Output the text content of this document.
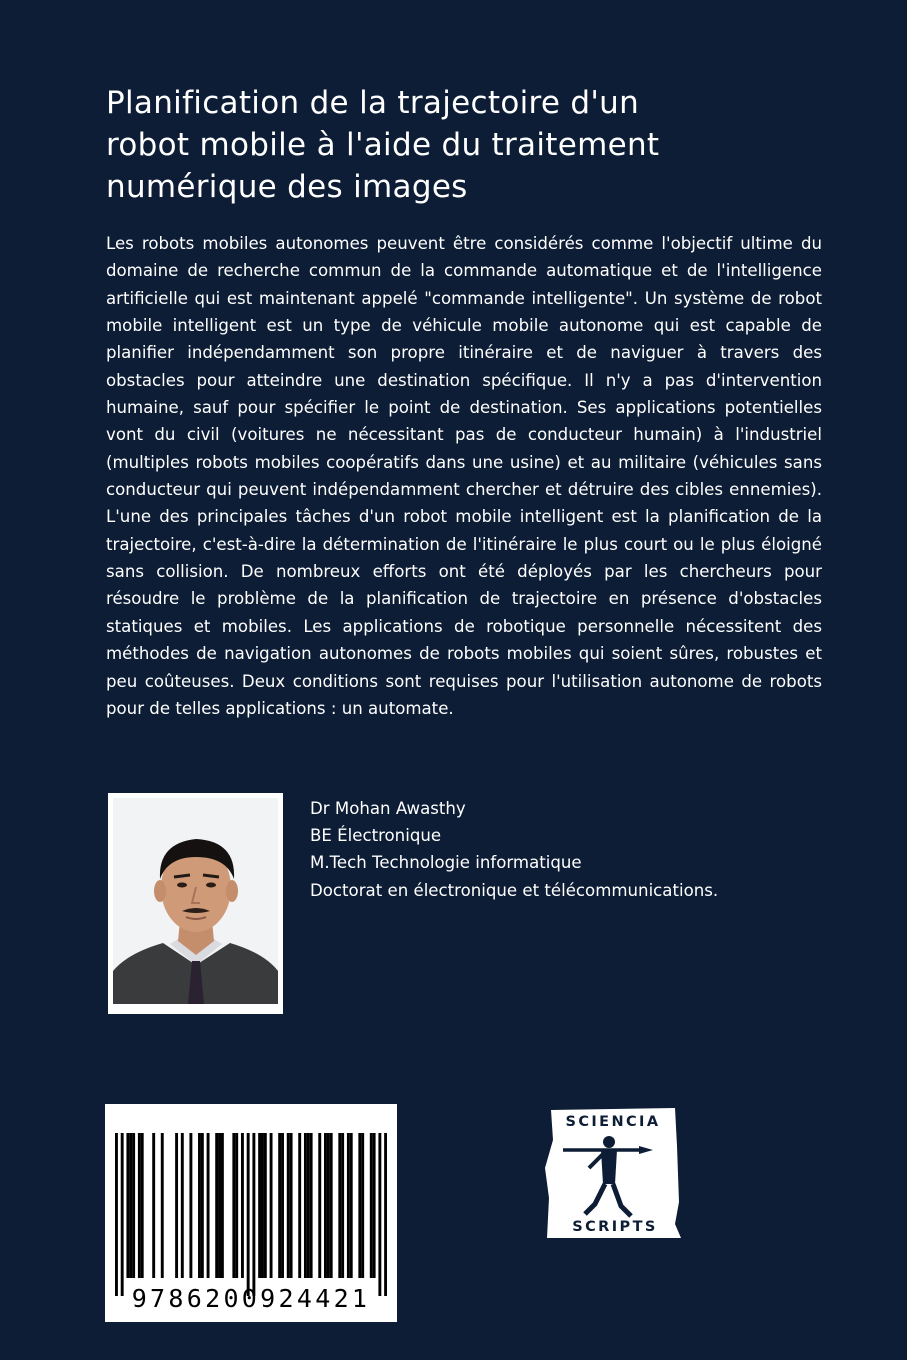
Planification de la trajectoire d'un
robot mobile à l'aide du traitement
numérique des images

Les robots mobiles autonomes peuvent être considérés comme l'objectif ultime du domaine de recherche commun de la commande automatique et de l'intelligence artificielle qui est maintenant appelé "commande intelligente". Un système de robot mobile intelligent est un type de véhicule mobile autonome qui est capable de planifier indépendamment son propre itinéraire et de naviguer à travers des obstacles pour atteindre une destination spécifique. Il n'y a pas d'intervention humaine, sauf pour spécifier le point de destination. Ses applications potentielles vont du civil (voitures ne nécessitant pas de conducteur humain) à l'industriel (multiples robots mobiles coopératifs dans une usine) et au militaire (véhicules sans conducteur qui peuvent indépendamment chercher et détruire des cibles ennemies). L'une des principales tâches d'un robot mobile intelligent est la planification de la trajectoire, c'est-à-dire la détermination de l'itinéraire le plus court ou le plus éloigné sans collision. De nombreux efforts ont été déployés par les chercheurs pour résoudre le problème de la planification de trajectoire en présence d'obstacles statiques et mobiles. Les applications de robotique personnelle nécessitent des méthodes de navigation autonomes de robots mobiles qui soient sûres, robustes et peu coûteuses. Deux conditions sont requises pour l'utilisation autonome de robots pour de telles applications : un automate.

Dr Mohan Awasthy
BE Électronique
M.Tech Technologie informatique
Doctorat en électronique et télécommunications.
9786200924421
SCIENCIA
SCRIPTS
